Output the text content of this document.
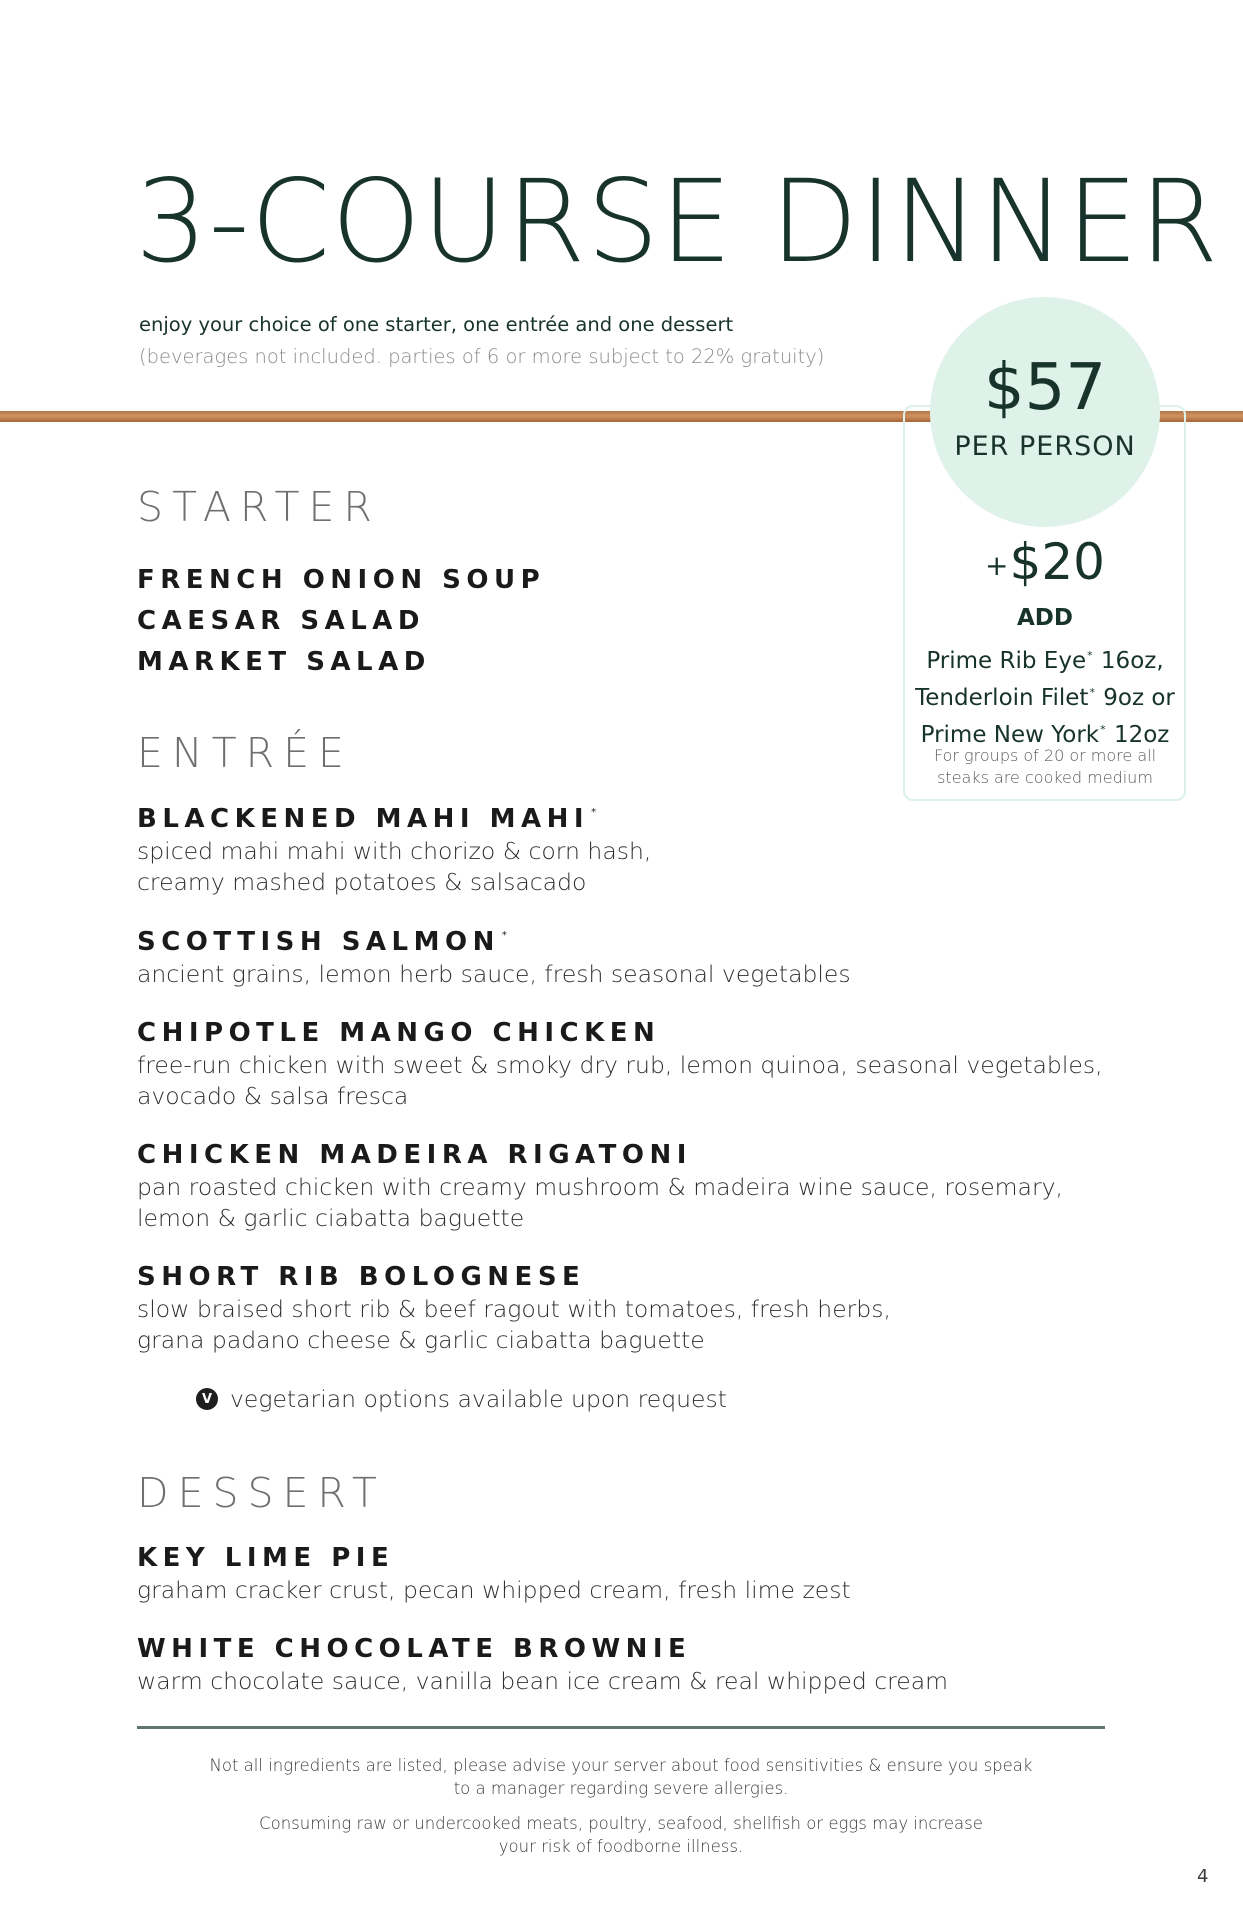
3-COURSE DINNER
enjoy your choice of one starter, one entrée and one dessert
(beverages not included. parties of 6 or more subject to 22% gratuity)	$57
PER PERSON
+$20
ADD
Prime Rib Eye* 16oz,
Tenderloin Filet* 9oz or
Prime New York* 12oz
For groups of 20 or more all
steaks are cooked medium
STARTER
FRENCH ONION SOUP
CAESAR SALAD
MARKET SALAD
ENTRÉE
BLACKENED MAHI MAHI *
spiced mahi mahi with chorizo & corn hash,
creamy mashed potatoes & salsacado
SCOTTISH SALMON *
ancient grains, lemon herb sauce, fresh seasonal vegetables
CHIPOTLE MANGO CHICKEN
free-run chicken with sweet & smoky dry rub, lemon quinoa, seasonal vegetables,
avocado & salsa fresca
CHICKEN MADEIRA RIGATONI
pan roasted chicken with creamy mushroom & madeira wine sauce, rosemary,
lemon & garlic ciabatta baguette
SHORT RIB BOLOGNESE
slow braised short rib & beef ragout with tomatoes, fresh herbs,
grana padano cheese & garlic ciabatta baguette
V vegetarian options available upon request
DESSERT
KEY LIME PIE
graham cracker crust, pecan whipped cream, fresh lime zest
WHITE CHOCOLATE BROWNIE
warm chocolate sauce, vanilla bean ice cream & real whipped cream
Not all ingredients are listed, please advise your server about food sensitivities & ensure you speak
to a manager regarding severe allergies.
Consuming raw or undercooked meats, poultry, seafood, shellfish or eggs may increase
your risk of foodborne illness.
4
